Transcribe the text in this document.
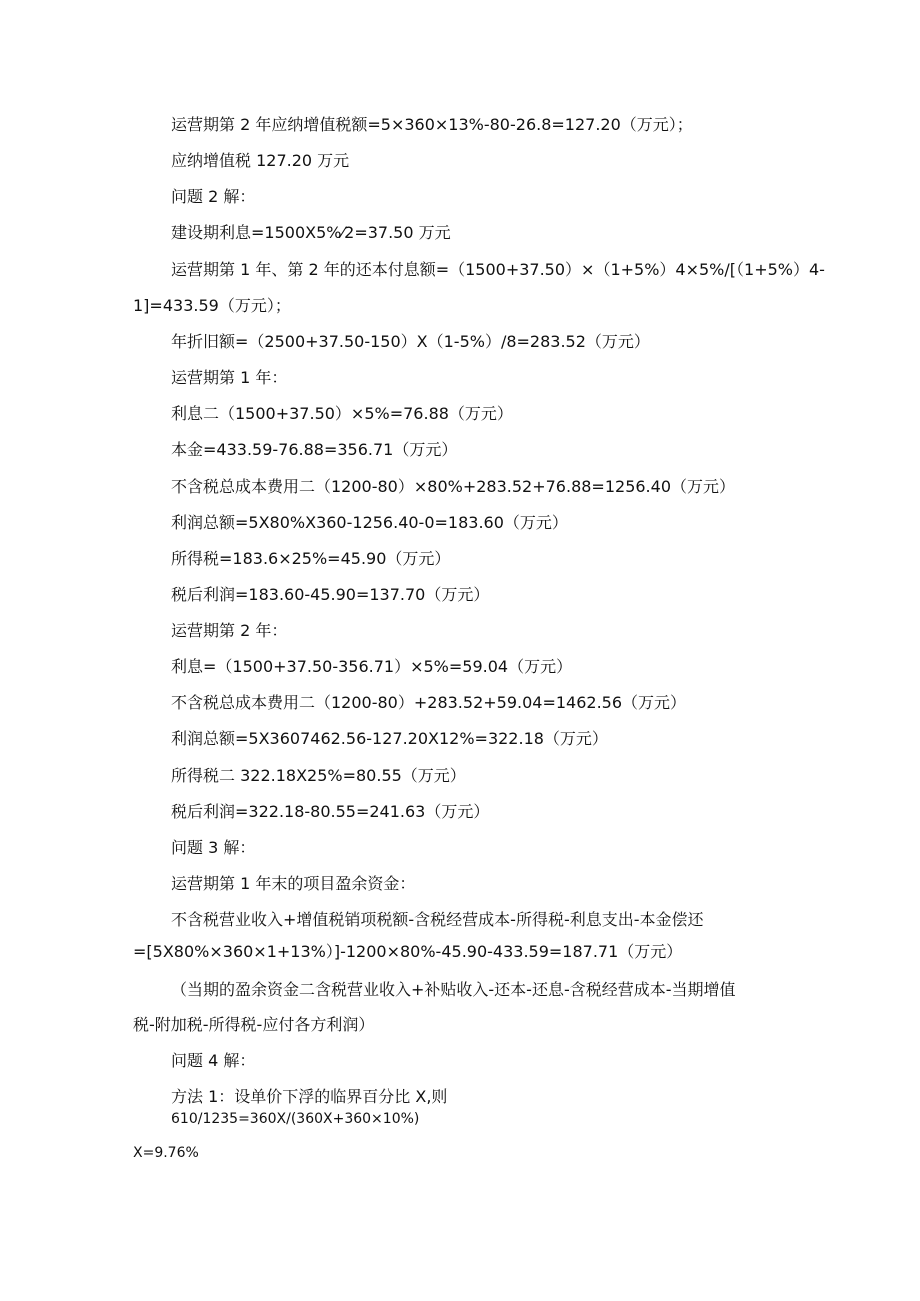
运营期第 2 年应纳增值税额=5×360×13%-80-26.8=127.20（万元）；
应纳增值税 127.20 万元
问题 2 解：
建设期利息=1500X5%⁄2=37.50 万元
运营期第 1 年、第 2 年的还本付息额=（1500+37.50）×（1+5%）4×5%/[（1+5%）4-
1]=433.59（万元）；
年折旧额=（2500+37.50-150）X（1-5%）/8=283.52（万元）
运营期第 1 年：
利息二（1500+37.50）×5%=76.88（万元）
本金=433.59-76.88=356.71（万元）
不含税总成本费用二（1200-80）×80%+283.52+76.88=1256.40（万元）
利润总额=5X80%X360-1256.40-0=183.60（万元）
所得税=183.6×25%=45.90（万元）
税后利润=183.60-45.90=137.70（万元）
运营期第 2 年：
利息=（1500+37.50-356.71）×5%=59.04（万元）
不含税总成本费用二（1200-80）+283.52+59.04=1462.56（万元）
利润总额=5X3607462.56-127.20X12%=322.18（万元）
所得税二 322.18X25%=80.55（万元）
税后利润=322.18-80.55=241.63（万元）
问题 3 解：
运营期第 1 年末的项目盈余资金：
不含税营业收入+增值税销项税额-含税经营成本-所得税-利息支出-本金偿还
=[5X80%×360×1+13%）]-1200×80%-45.90-433.59=187.71（万元）
（当期的盈余资金二含税营业收入+补贴收入-还本-还息-含税经营成本-当期增值
税-附加税-所得税-应付各方利润）
问题 4 解：
方法 1：设单价下浮的临界百分比 X,则
610/1235=360X/(360X+360×10%)
X=9.76%
